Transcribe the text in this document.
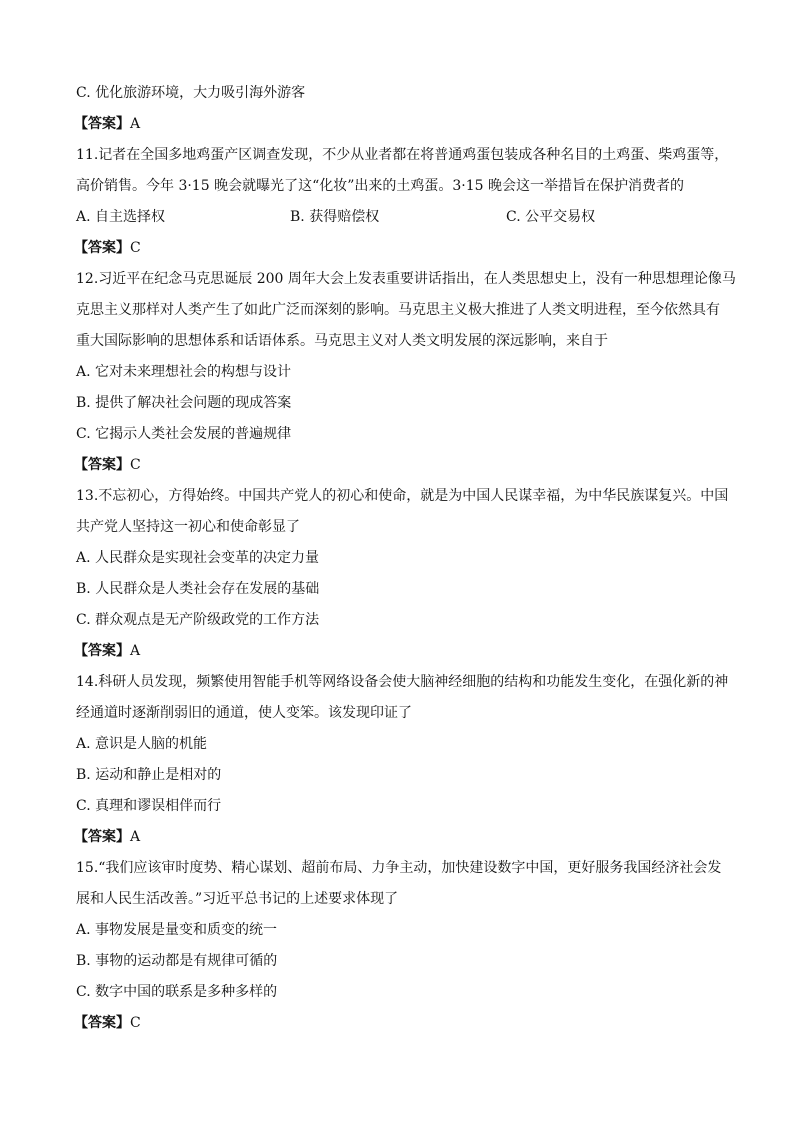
C. 优化旅游环境，大力吸引海外游客
【答案】A
11.记者在全国多地鸡蛋产区调查发现，不少从业者都在将普通鸡蛋包装成各种名目的土鸡蛋、柴鸡蛋等，
高价销售。今年 3·15 晚会就曝光了这“化妆”出来的土鸡蛋。3·15 晚会这一举措旨在保护消费者的
A. 自主选择权	B. 获得赔偿权	C. 公平交易权
【答案】C
12.习近平在纪念马克思诞辰 200 周年大会上发表重要讲话指出，在人类思想史上，没有一种思想理论像马
克思主义那样对人类产生了如此广泛而深刻的影响。马克思主义极大推进了人类文明进程，至今依然具有
重大国际影响的思想体系和话语体系。马克思主义对人类文明发展的深远影响，来自于
A. 它对未来理想社会的构想与设计
B. 提供了解决社会问题的现成答案
C. 它揭示人类社会发展的普遍规律
【答案】C
13.不忘初心，方得始终。中国共产党人的初心和使命，就是为中国人民谋幸福，为中华民族谋复兴。中国
共产党人坚持这一初心和使命彰显了
A. 人民群众是实现社会变革的决定力量
B. 人民群众是人类社会存在发展的基础
C. 群众观点是无产阶级政党的工作方法
【答案】A
14.科研人员发现，频繁使用智能手机等网络设备会使大脑神经细胞的结构和功能发生变化，在强化新的神
经通道时逐渐削弱旧的通道，使人变笨。该发现印证了
A. 意识是人脑的机能
B. 运动和静止是相对的
C. 真理和谬误相伴而行
【答案】A
15.“我们应该审时度势、精心谋划、超前布局、力争主动，加快建设数字中国，更好服务我国经济社会发
展和人民生活改善。”习近平总书记的上述要求体现了
A. 事物发展是量变和质变的统一
B. 事物的运动都是有规律可循的
C. 数字中国的联系是多种多样的
【答案】C
